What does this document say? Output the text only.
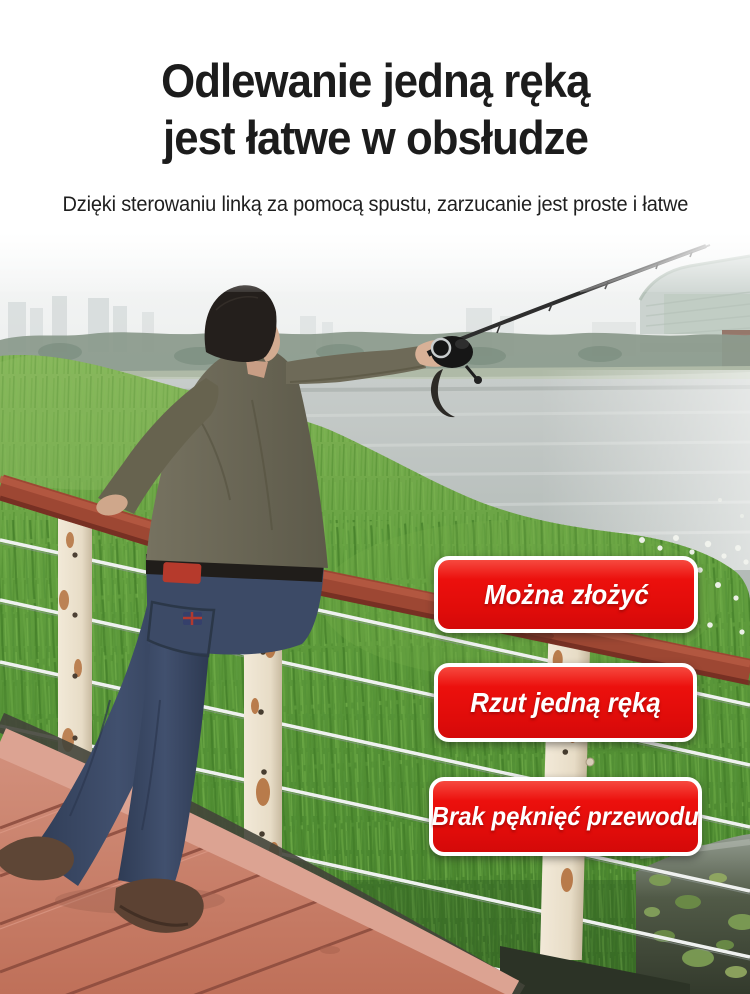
Odlewanie jedną ręką
jest łatwe w obsłudze

Dzięki sterowaniu linką za pomocą spustu, zarzucanie jest proste i łatwe

Można złożyć
Rzut jedną ręką
Brak pęknięć przewodu
